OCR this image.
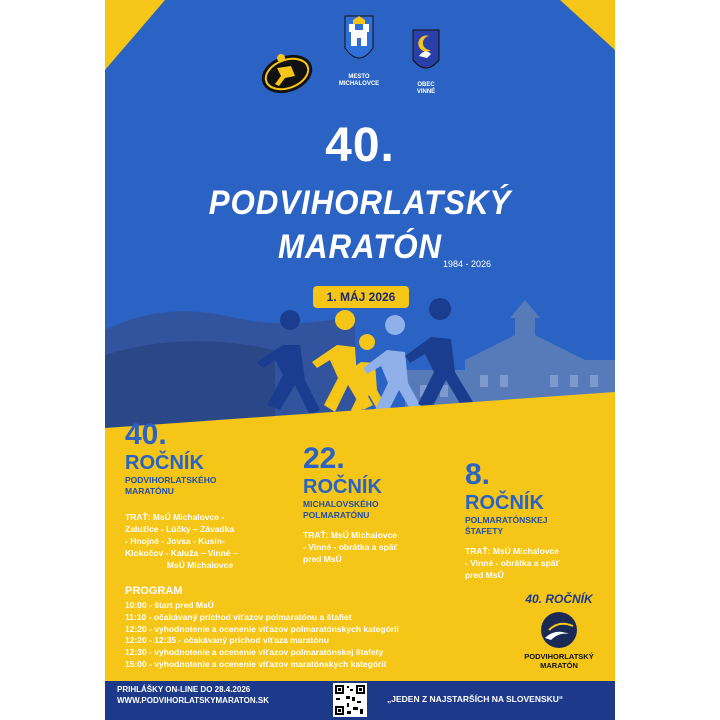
MESTO
MICHALOVCE	OBEC
VINNÉ
40.
PODVIHORLATSKÝ
MARATÓN 1984 - 2026
1. MÁJ 2026
40.
ROČNÍK
PODVIHORLATSKÉHO
MARATÓNU
TRAŤ: MsÚ Michalovce -
Zalužice - Lúčky – Závadka
- Hnojné - Jovsa - Kusín-
Klokočov - Kaluža – Vinné –
MsÚ Michalovce
22.
ROČNÍK
MICHALOVSKÉHO
POLMARATÓNU
TRAŤ: MsÚ Michalovce
- Vinné - obrátka a späť
pred MsÚ
8.
ROČNÍK
POLMARATÓNSKEJ
ŠTAFETY
TRAŤ: MsÚ Michalovce
- Vinné - obrátka a späť
pred MsÚ
PROGRAM
10:00 - štart pred MsÚ
11:10 - očakávaný príchod víťazov polmaratónu a štafiet
12:20 - vyhodnotenie a ocenenie víťazov polmaratónskych kategórií
12:20 - 12:35 - očakávaný príchod víťaza maratónu
12:30 - vyhodnotenie a ocenenie víťazov polmaratónskej štafety
15:00 - vyhodnotenie a ocenenie víťazov maratónskych kategórií
40. ROČNÍK
PODVIHORLATSKÝ
MARATÓN
PRIHLÁŠKY ON-LINE DO 28.4.2026
WWW.PODVIHORLATSKYMARATON.SK	„JEDEN Z NAJSTARŠÍCH NA SLOVENSKU“
